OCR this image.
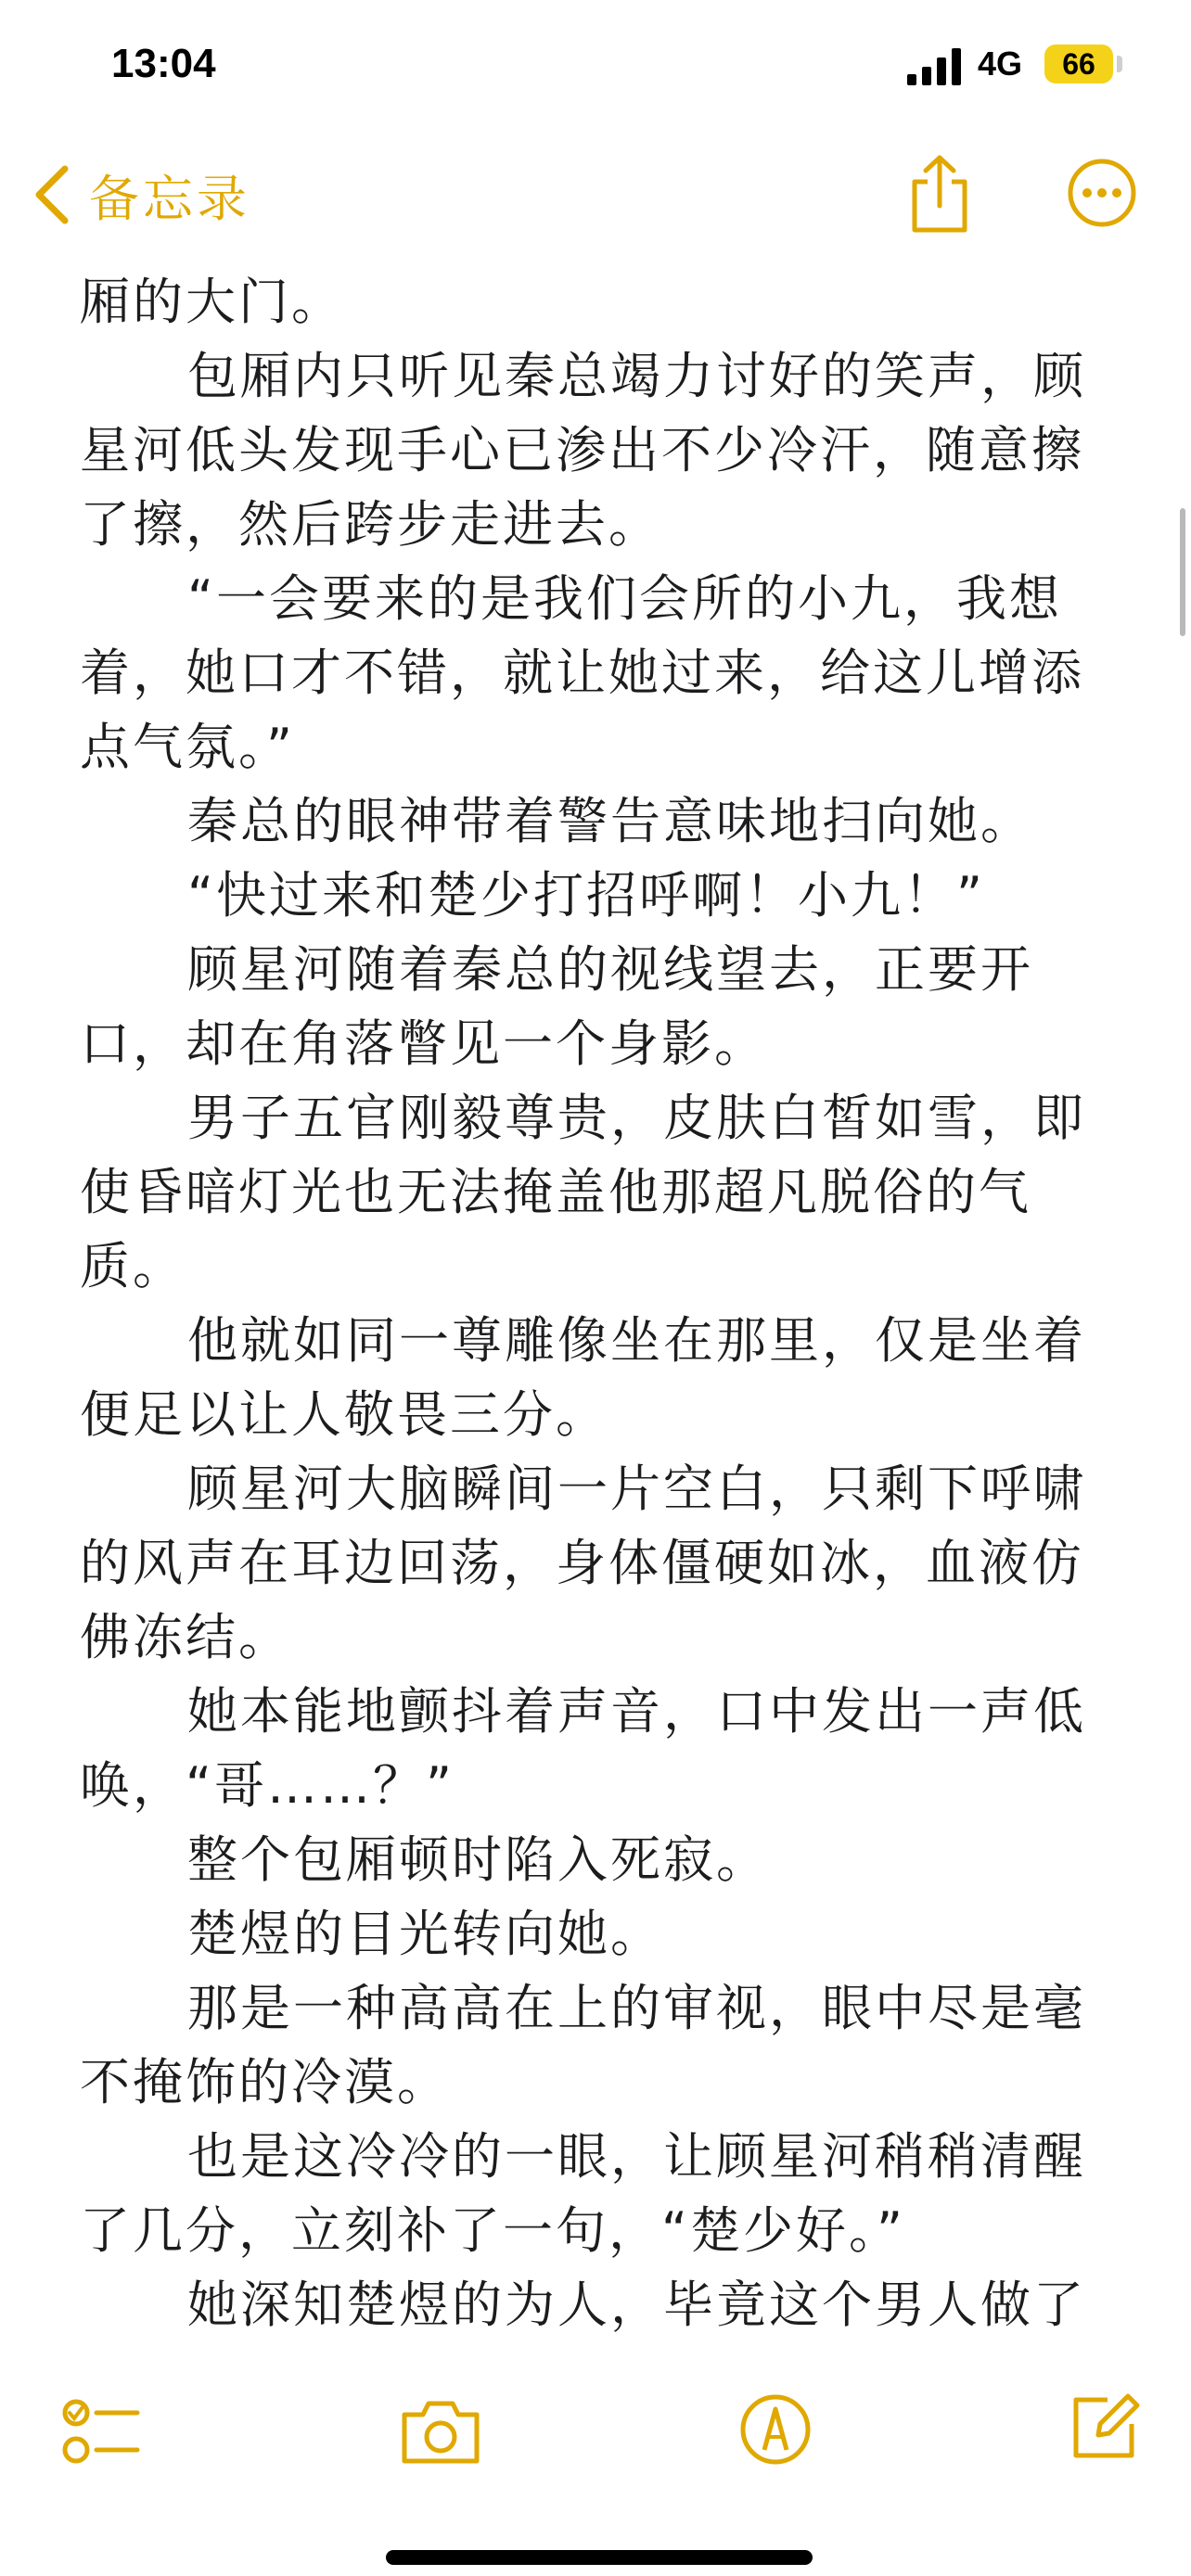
13:04	4G	66
备忘录

厢的大门。

包厢内只听见秦总竭力讨好的笑声，顾星河低头发现手心已渗出不少冷汗，随意擦了擦，然后跨步走进去。

“一会要来的是我们会所的小九，我想着，她口才不错，就让她过来，给这儿增添点气氛。”

秦总的眼神带着警告意味地扫向她。

“快过来和楚少打招呼啊！小九！”

顾星河随着秦总的视线望去，正要开口，却在角落瞥见一个身影。

男子五官刚毅尊贵，皮肤白皙如雪，即使昏暗灯光也无法掩盖他那超凡脱俗的气质。

他就如同一尊雕像坐在那里，仅是坐着便足以让人敬畏三分。

顾星河大脑瞬间一片空白，只剩下呼啸的风声在耳边回荡，身体僵硬如冰，血液仿佛冻结。

她本能地颤抖着声音，口中发出一声低唤，“哥……？”

整个包厢顿时陷入死寂。

楚煜的目光转向她。

那是一种高高在上的审视，眼中尽是毫不掩饰的冷漠。

也是这冷冷的一眼，让顾星河稍稍清醒了几分，立刻补了一句，“楚少好。”

她深知楚煜的为人，毕竟这个男人做了
